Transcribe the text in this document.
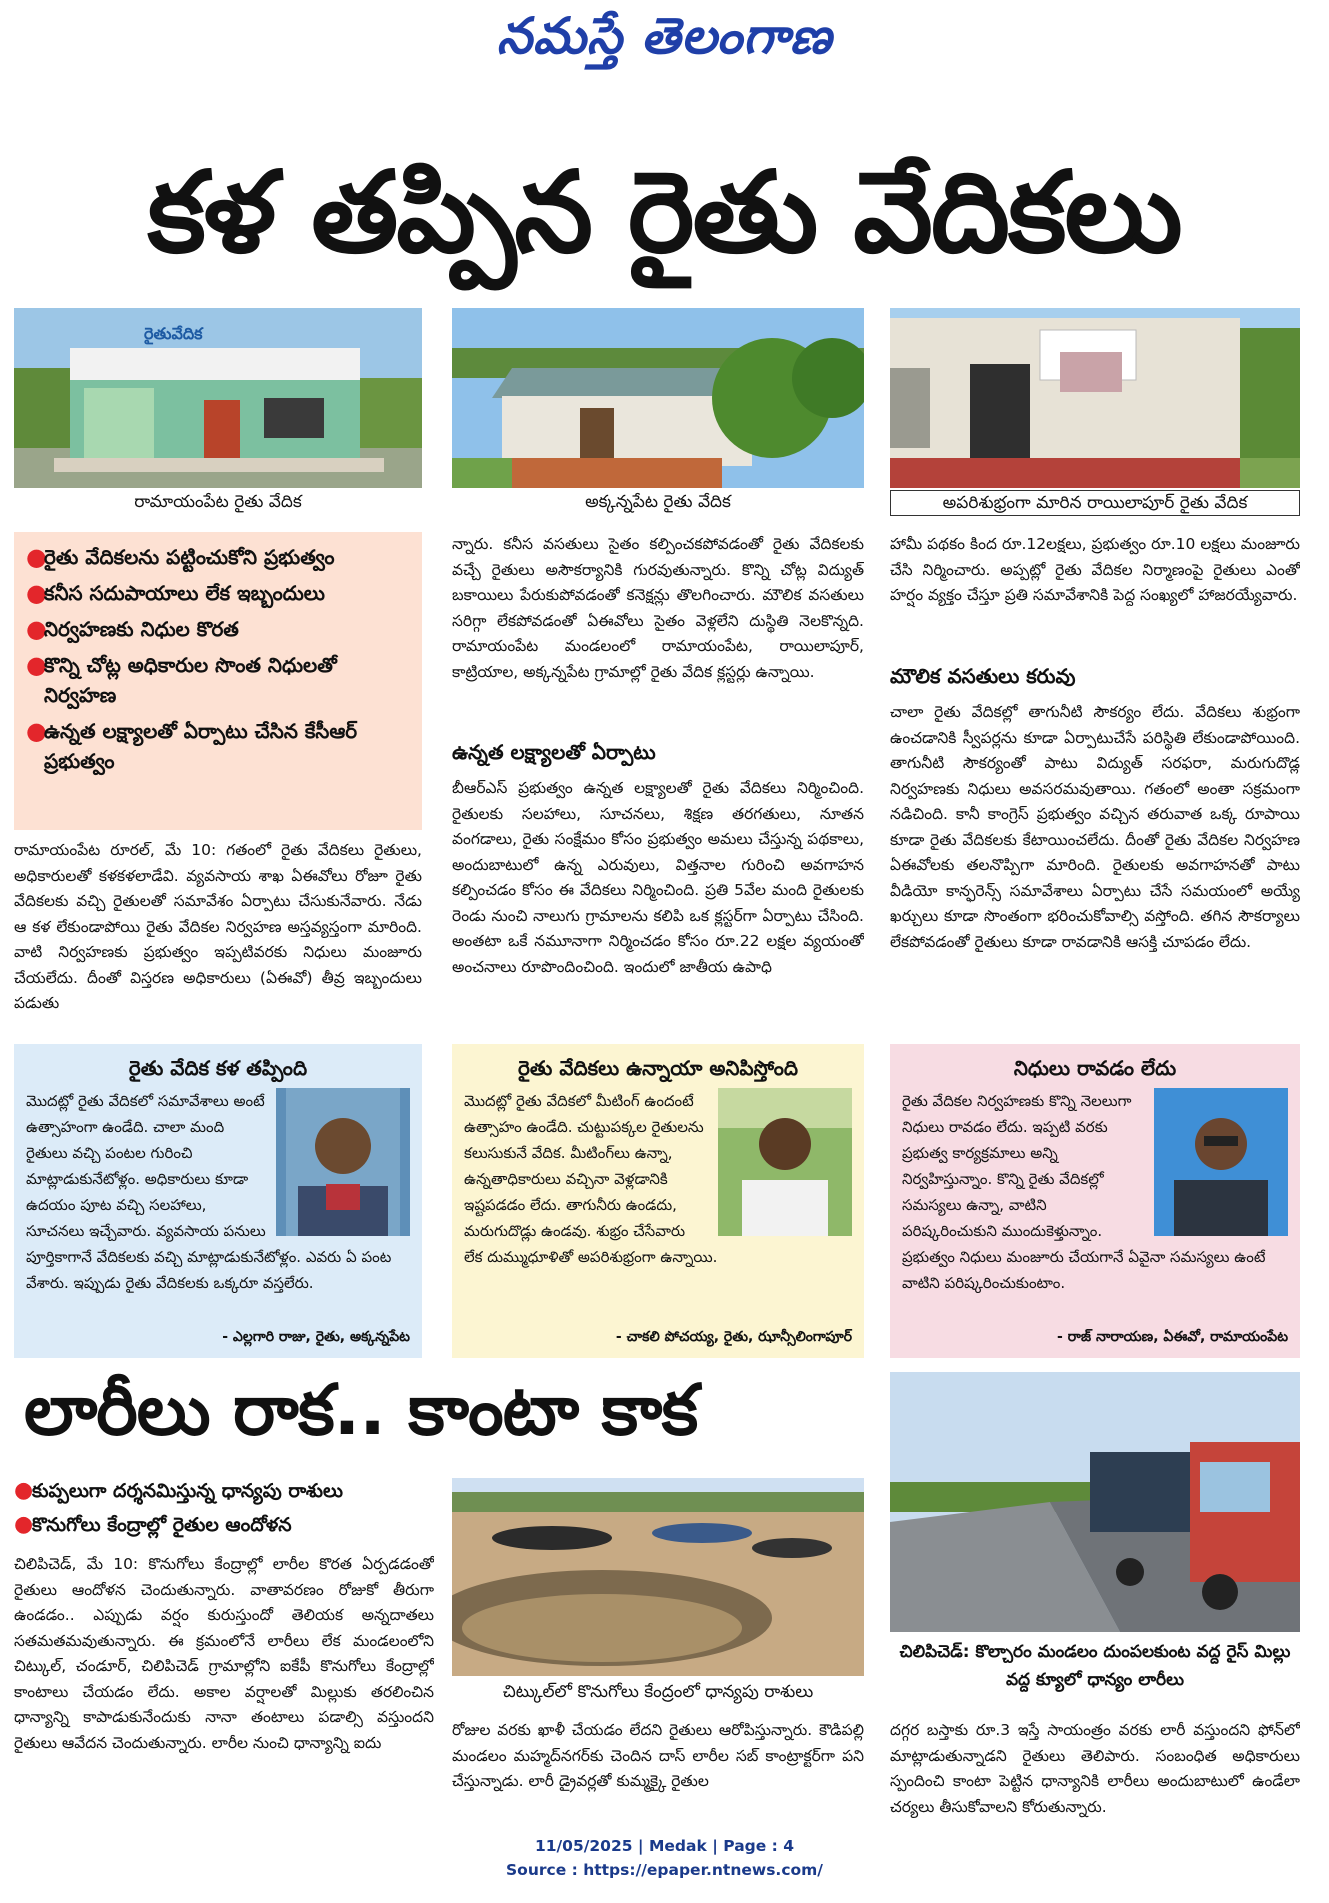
నమస్తే తెలంగాణ
కళ తప్పిన రైతు వేదికలు
రైతువేదిక
రామాయంపేట రైతు వేదిక	అక్కన్నపేట రైతు వేదిక	అపరిశుభ్రంగా మారిన రాయిలాపూర్‌ రైతు వేదిక
●
రైతు వేదికలను పట్టించుకోని ప్రభుత్వం
●
కనీస సదుపాయాలు లేక ఇబ్బందులు
●
నిర్వహణకు నిధుల కొరత
●
కొన్ని చోట్ల అధికారుల సొంత నిధులతో నిర్వహణ
●
ఉన్నత లక్ష్యాలతో ఏర్పాటు చేసిన కేసీఆర్‌ ప్రభుత్వం
రామాయంపేట రూరల్‌, మే 10: గతంలో రైతు వేదికలు రైతులు, అధికారులతో కళకళలాడేవి. వ్యవసాయ శాఖ ఏఈవోలు రోజూ రైతు వేదికలకు వచ్చి రైతులతో సమావేశం ఏర్పాటు చేసుకునేవారు. నేడు ఆ కళ లేకుండాపోయి రైతు వేదికల నిర్వహణ అస్తవ్యస్తంగా మారింది. వాటి నిర్వహణకు ప్రభుత్వం ఇప్పటివరకు నిధులు మంజూరు చేయలేదు. దీంతో విస్తరణ అధికారులు (ఏఈవో) తీవ్ర ఇబ్బందులు పడుతు
న్నారు. కనీస వసతులు సైతం కల్పించకపోవడంతో రైతు వేదికలకు వచ్చే రైతులు అసౌకర్యానికి గురవుతున్నారు. కొన్ని చోట్ల విద్యుత్‌ బకాయిలు పేరుకుపోవడంతో కనెక్షన్లు తొలగించారు. మౌలిక వసతులు సరిగ్గా లేకపోవడంతో ఏఈవోలు సైతం వెళ్లలేని దుస్థితి నెలకొన్నది. రామాయంపేట మండలంలో రామాయంపేట, రాయిలాపూర్‌, కాట్రియాల, అక్కన్నపేట గ్రామాల్లో రైతు వేదిక క్లస్టర్లు ఉన్నాయి.
ఉన్నత లక్ష్యాలతో ఏర్పాటు
బీఆర్‌ఎస్‌ ప్రభుత్వం ఉన్నత లక్ష్యాలతో రైతు వేదికలు నిర్మించింది. రైతులకు సలహాలు, సూచనలు, శిక్షణ తరగతులు, నూతన వంగడాలు, రైతు సంక్షేమం కోసం ప్రభుత్వం అమలు చేస్తున్న పథకాలు, అందుబాటులో ఉన్న ఎరువులు, విత్తనాల గురించి అవగాహన కల్పించడం కోసం ఈ వేదికలు నిర్మించింది. ప్రతి 5వేల మంది రైతులకు రెండు నుంచి నాలుగు గ్రామాలను కలిపి ఒక క్లస్టర్‌గా ఏర్పాటు చేసింది. అంతటా ఒకే నమూనాగా నిర్మించడం కోసం రూ.22 లక్షల వ్యయంతో అంచనాలు రూపొందించింది. ఇందులో జాతీయ ఉపాధి
హామీ పథకం కింద రూ.12లక్షలు, ప్రభుత్వం రూ.10 లక్షలు మంజూరు చేసి నిర్మించారు. అప్పట్లో రైతు వేదికల నిర్మాణంపై రైతులు ఎంతో హర్షం వ్యక్తం చేస్తూ ప్రతి సమావేశానికి పెద్ద సంఖ్యలో హాజరయ్యేవారు.
మౌలిక వసతులు కరువు
చాలా రైతు వేదికల్లో తాగునీటి సౌకర్యం లేదు. వేదికలు శుభ్రంగా ఉంచడానికి స్వీపర్లను కూడా ఏర్పాటుచేసే పరిస్థితి లేకుండాపోయింది. తాగునీటి సౌకర్యంతో పాటు విద్యుత్‌ సరఫరా, మరుగుదొడ్ల నిర్వహణకు నిధులు అవసరమవుతాయి. గతంలో అంతా సక్రమంగా నడిచింది. కానీ కాంగ్రెస్‌ ప్రభుత్వం వచ్చిన తరువాత ఒక్క రూపాయి కూడా రైతు వేదికలకు కేటాయించలేదు. దీంతో రైతు వేదికల నిర్వహణ ఏఈవోలకు తలనొప్పిగా మారింది. రైతులకు అవగాహనతో పాటు వీడియో కాన్ఫరెన్స్‌ సమావేశాలు ఏర్పాటు చేసే సమయంలో అయ్యే ఖర్చులు కూడా సొంతంగా భరించుకోవాల్సి వస్తోంది. తగిన సౌకర్యాలు లేకపోవడంతో రైతులు కూడా రావడానికి ఆసక్తి చూపడం లేదు.
రైతు వేదిక కళ తప్పింది
మొదట్లో రైతు వేదికలో సమావేశాలు అంటే ఉత్సాహంగా ఉండేది. చాలా మంది రైతులు వచ్చి పంటల గురించి మాట్లాడుకునేటోళ్లం. అధికారులు కూడా ఉదయం పూట వచ్చి సలహాలు, సూచనలు ఇచ్చేవారు. వ్యవసాయ పనులు పూర్తికాగానే వేదికలకు వచ్చి మాట్లాడుకునేటోళ్లం. ఎవరు ఏ పంట వేశారు. ఇప్పుడు రైతు వేదికలకు ఒక్కరూ వస్తలేరు.
- ఎల్లగారి రాజు, రైతు, అక్కన్నపేట
రైతు వేదికలు ఉన్నాయా అనిపిస్తోంది
మొదట్లో రైతు వేదికలో మీటింగ్‌ ఉందంటే ఉత్సాహం ఉండేది. చుట్టుపక్కల రైతులను కలుసుకునే వేదిక. మీటింగ్‌లు ఉన్నా, ఉన్నతాధికారులు వచ్చినా వెళ్లడానికి ఇష్టపడడం లేదు. తాగునీరు ఉండదు, మరుగుదొడ్లు ఉండవు. శుభ్రం చేసేవారు లేక దుమ్ముధూళితో అపరిశుభ్రంగా ఉన్నాయి.
- చాకలి పోచయ్య, రైతు, ఝాన్సీలింగాపూర్‌
నిధులు రావడం లేదు
రైతు వేదికల నిర్వహణకు కొన్ని నెలలుగా నిధులు రావడం లేదు. ఇప్పటి వరకు ప్రభుత్వ కార్యక్రమాలు అన్ని నిర్వహిస్తున్నాం. కొన్ని రైతు వేదికల్లో సమస్యలు ఉన్నా, వాటిని పరిష్కరించుకుని ముందుకెళ్తున్నాం. ప్రభుత్వం నిధులు మంజూరు చేయగానే ఏవైనా సమస్యలు ఉంటే వాటిని పరిష్కరించుకుంటాం.
- రాజ్‌ నారాయణ, ఏఈవో, రామాయంపేట
లారీలు రాక.. కాంటా కాక
●
కుప్పలుగా దర్శనమిస్తున్న ధాన్యపు రాశులు
●
కొనుగోలు కేంద్రాల్లో రైతుల ఆందోళన
చిలిపిచెడ్‌, మే 10: కొనుగోలు కేంద్రాల్లో లారీల కొరత ఏర్పడడంతో రైతులు ఆందోళన చెందుతున్నారు. వాతావరణం రోజుకో తీరుగా ఉండడం.. ఎప్పుడు వర్షం కురుస్తుందో తెలియక అన్నదాతలు సతమతమవుతున్నారు. ఈ క్రమంలోనే లారీలు లేక మండలంలోని చిట్కుల్‌, చండూర్‌, చిలిపిచెడ్‌ గ్రామాల్లోని ఐకేపీ కొనుగోలు కేంద్రాల్లో కాంటాలు చేయడం లేదు. అకాల వర్షాలతో మిల్లుకు తరలించిన ధాన్యాన్ని కాపాడుకునేందుకు నానా తంటాలు పడాల్సి వస్తుందని రైతులు ఆవేదన చెందుతున్నారు. లారీల నుంచి ధాన్యాన్ని ఐదు
చిట్కుల్‌లో కొనుగోలు కేంద్రంలో ధాన్యపు రాశులు
రోజుల వరకు ఖాళీ చేయడం లేదని రైతులు ఆరోపిస్తున్నారు. కౌడిపల్లి మండలం మహ్మద్‌నగర్‌కు చెందిన దాస్‌ లారీల సబ్‌ కాంట్రాక్టర్‌గా పని చేస్తున్నాడు. లారీ డ్రైవర్లతో కుమ్మక్కై రైతుల
చిలిపిచెడ్‌: కొల్చారం మండలం దుంపలకుంట వద్ద రైస్‌ మిల్లు వద్ద క్యూలో ధాన్యం లారీలు
దగ్గర బస్తాకు రూ.3 ఇస్తే సాయంత్రం వరకు లారీ వస్తుందని ఫోన్‌లో మాట్లాడుతున్నాడని రైతులు తెలిపారు. సంబంధిత అధికారులు స్పందించి కాంటా పెట్టిన ధాన్యానికి లారీలు అందుబాటులో ఉండేలా చర్యలు తీసుకోవాలని కోరుతున్నారు.
11/05/2025 | Medak | Page : 4
Source : https://epaper.ntnews.com/
